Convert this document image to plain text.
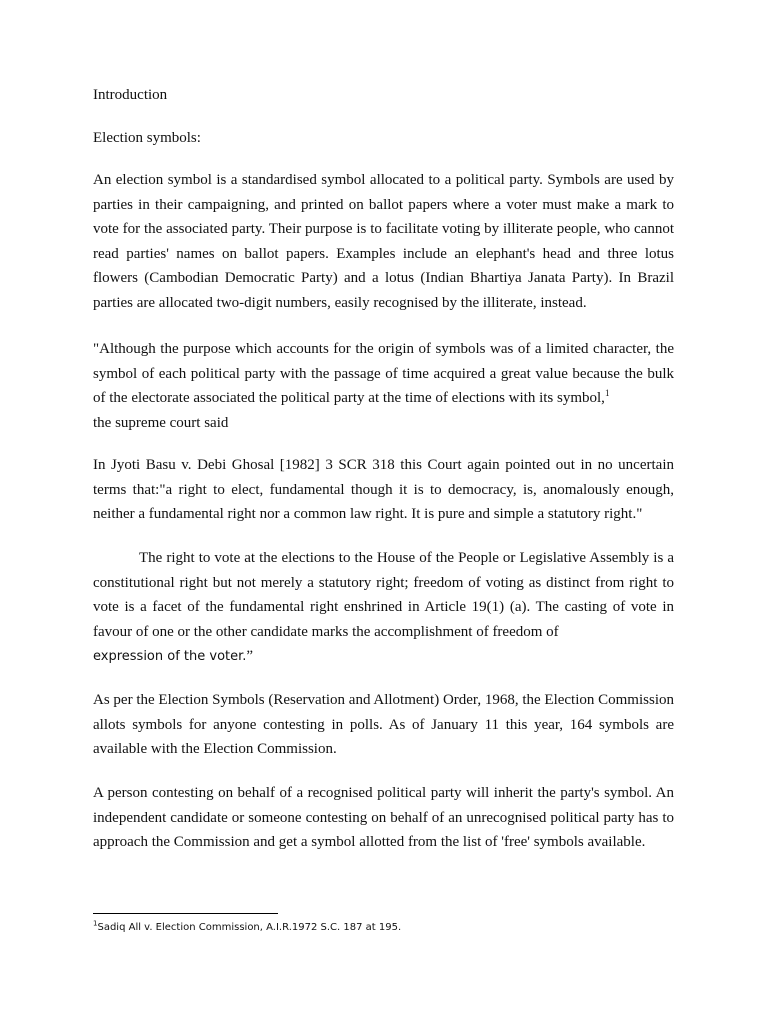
Introduction

Election symbols:

An election symbol is a standardised symbol allocated to a political party. Symbols are used by parties in their campaigning, and printed on ballot papers where a voter must make a mark to vote for the associated party. Their purpose is to facilitate voting by illiterate people, who cannot read parties' names on ballot papers. Examples include an elephant's head and three lotus flowers (Cambodian Democratic Party) and a lotus (Indian Bhartiya Janata Party). In Brazil parties are allocated two-digit numbers, easily recognised by the illiterate, instead.

"Although the purpose which accounts for the origin of symbols was of a limited character, the symbol of each political party with the passage of time acquired a great value because the bulk of the electorate associated the political party at the time of elections with its symbol,$^1$
the supreme court said

In Jyoti Basu v. Debi Ghosal [1982] 3 SCR 318 this Court again pointed out in no uncertain terms that:"a right to elect, fundamental though it is to democracy, is, anomalously enough, neither a fundamental right nor a common law right. It is pure and simple a statutory right."

The right to vote at the elections to the House of the People or Legislative Assembly is a constitutional right but not merely a statutory right; freedom of voting as distinct from right to vote is a facet of the fundamental right enshrined in Article 19(1) (a). The casting of vote in favour of one or the other candidate marks the accomplishment of freedom of
expression of the voter.”

As per the Election Symbols (Reservation and Allotment) Order, 1968, the Election Commission allots symbols for anyone contesting in polls. As of January 11 this year, 164 symbols are available with the Election Commission.

A person contesting on behalf of a recognised political party will inherit the party's symbol. An independent candidate or someone contesting on behalf of an unrecognised political party has to approach the Commission and get a symbol allotted from the list of 'free' symbols available.

$^1$Sadiq All v. Election Commission, A.I.R.1972 S.C. 187 at 195.
